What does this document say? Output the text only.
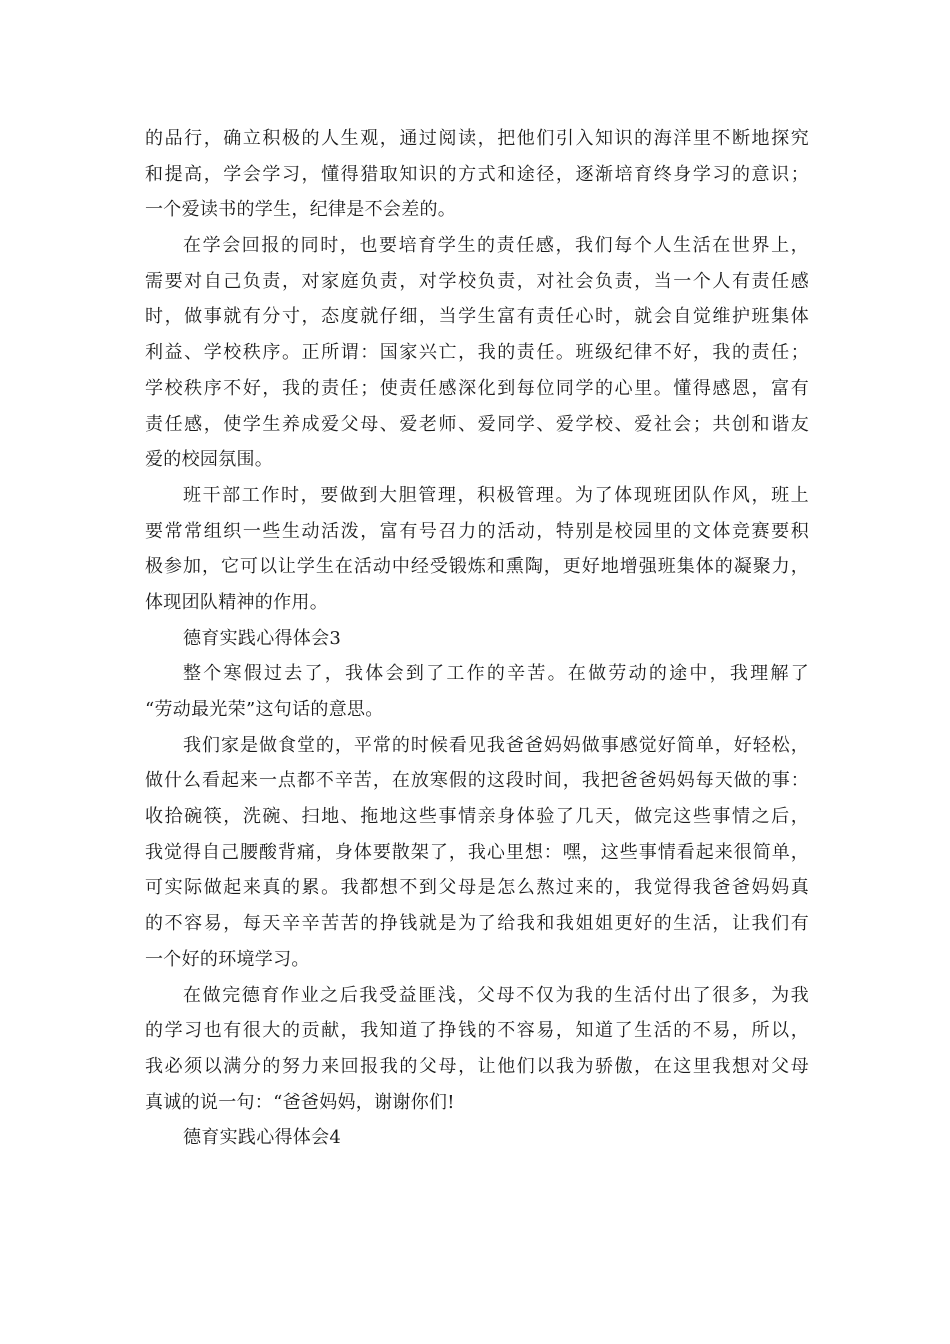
的品行，确立积极的人生观，通过阅读，把他们引入知识的海洋里不断地探究
和提高，学会学习，懂得猎取知识的方式和途径，逐渐培育终身学习的意识；
一个爱读书的学生，纪律是不会差的。
在学会回报的同时，也要培育学生的责任感，我们每个人生活在世界上，
需要对自己负责，对家庭负责，对学校负责，对社会负责，当一个人有责任感
时，做事就有分寸，态度就仔细，当学生富有责任心时，就会自觉维护班集体
利益、学校秩序。正所谓：国家兴亡，我的责任。班级纪律不好，我的责任；
学校秩序不好，我的责任；使责任感深化到每位同学的心里。懂得感恩，富有
责任感，使学生养成爱父母、爱老师、爱同学、爱学校、爱社会；共创和谐友
爱的校园氛围。
班干部工作时，要做到大胆管理，积极管理。为了体现班团队作风，班上
要常常组织一些生动活泼，富有号召力的活动，特别是校园里的文体竞赛要积
极参加，它可以让学生在活动中经受锻炼和熏陶，更好地增强班集体的凝聚力，
体现团队精神的作用。
德育实践心得体会3
整个寒假过去了，我体会到了工作的辛苦。在做劳动的途中，我理解了
“劳动最光荣”这句话的意思。
我们家是做食堂的，平常的时候看见我爸爸妈妈做事感觉好简单，好轻松，
做什么看起来一点都不辛苦，在放寒假的这段时间，我把爸爸妈妈每天做的事：
收拾碗筷，洗碗、扫地、拖地这些事情亲身体验了几天，做完这些事情之后，
我觉得自己腰酸背痛，身体要散架了，我心里想：嘿，这些事情看起来很简单，
可实际做起来真的累。我都想不到父母是怎么熬过来的，我觉得我爸爸妈妈真
的不容易，每天辛辛苦苦的挣钱就是为了给我和我姐姐更好的生活，让我们有
一个好的环境学习。
在做完德育作业之后我受益匪浅，父母不仅为我的生活付出了很多，为我
的学习也有很大的贡献，我知道了挣钱的不容易，知道了生活的不易，所以，
我必须以满分的努力来回报我的父母，让他们以我为骄傲，在这里我想对父母
真诚的说一句：“爸爸妈妈，谢谢你们!
德育实践心得体会4
